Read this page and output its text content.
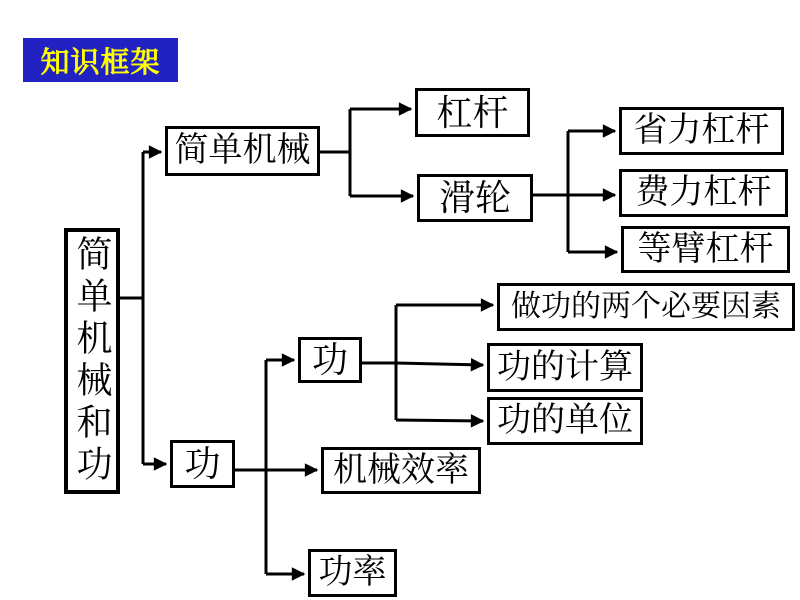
知识框架
简单机械和功
简单机械
杠杆
滑轮
省力杠杆
费力杠杆
等臂杠杆
功
功
做功的两个必要因素
功的计算
功的单位
机械效率
功率
